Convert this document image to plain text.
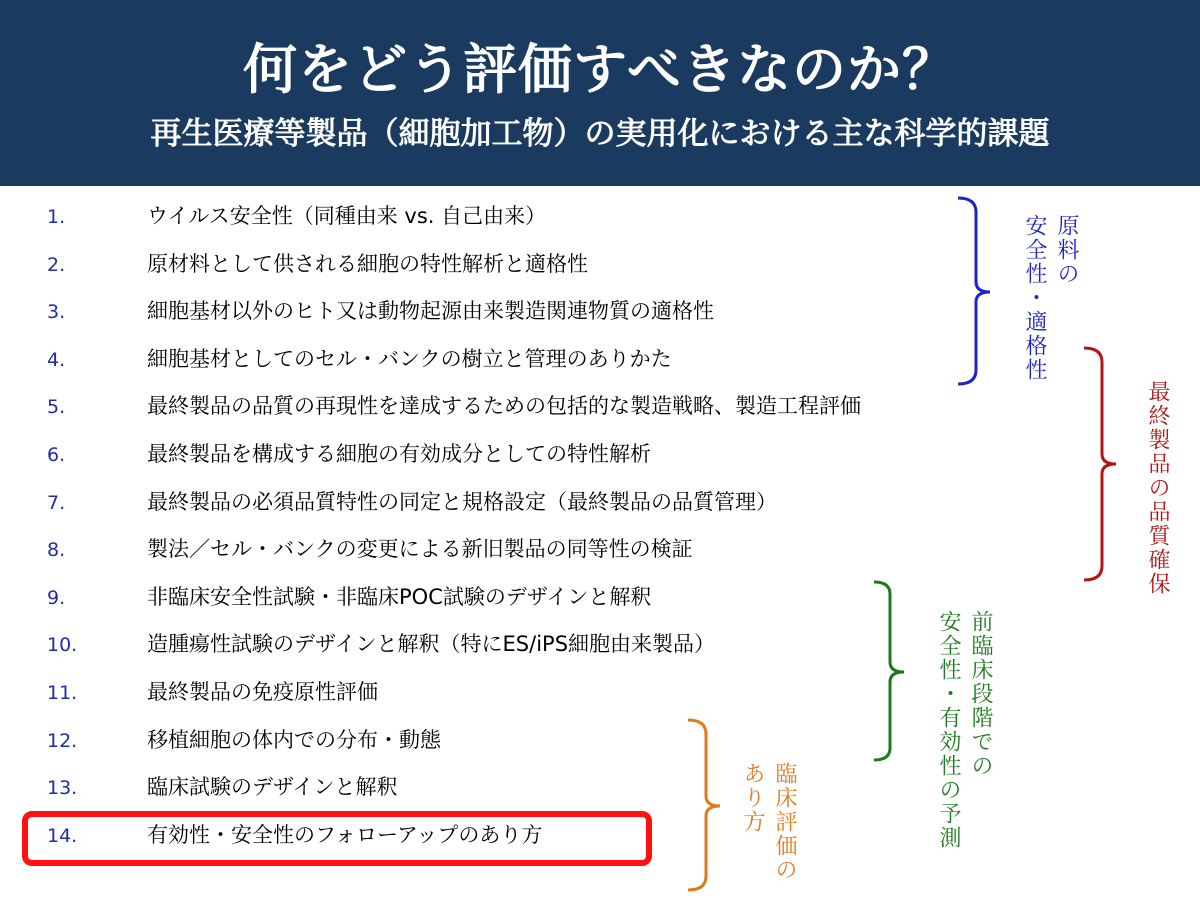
何をどう評価すべきなのか？
再生医療等製品（細胞加工物）の実用化における主な科学的課題
1.	ウイルス安全性（同種由来 vs. 自己由来）
2.	原材料として供される細胞の特性解析と適格性
3.	細胞基材以外のヒト又は動物起源由来製造関連物質の適格性
4.	細胞基材としてのセル・バンクの樹立と管理のありかた
5.	最終製品の品質の再現性を達成するための包括的な製造戦略、製造工程評価
6.	最終製品を構成する細胞の有効成分としての特性解析
7.	最終製品の必須品質特性の同定と規格設定（最終製品の品質管理）
8.	製法／セル・バンクの変更による新旧製品の同等性の検証
9.	非臨床安全性試験・非臨床POC試験のデザインと解釈
10.	造腫瘍性試験のデザインと解釈（特にES/iPS細胞由来製品）
11.	最終製品の免疫原性評価
12.	移植細胞の体内での分布・動態
13.	臨床試験のデザインと解釈
14.	有効性・安全性のフォローアップのあり方
原料の
安全性・適格性
最終製品の品質確保
前臨床段階での
安全性・有効性の予測
臨床評価の
あり方
